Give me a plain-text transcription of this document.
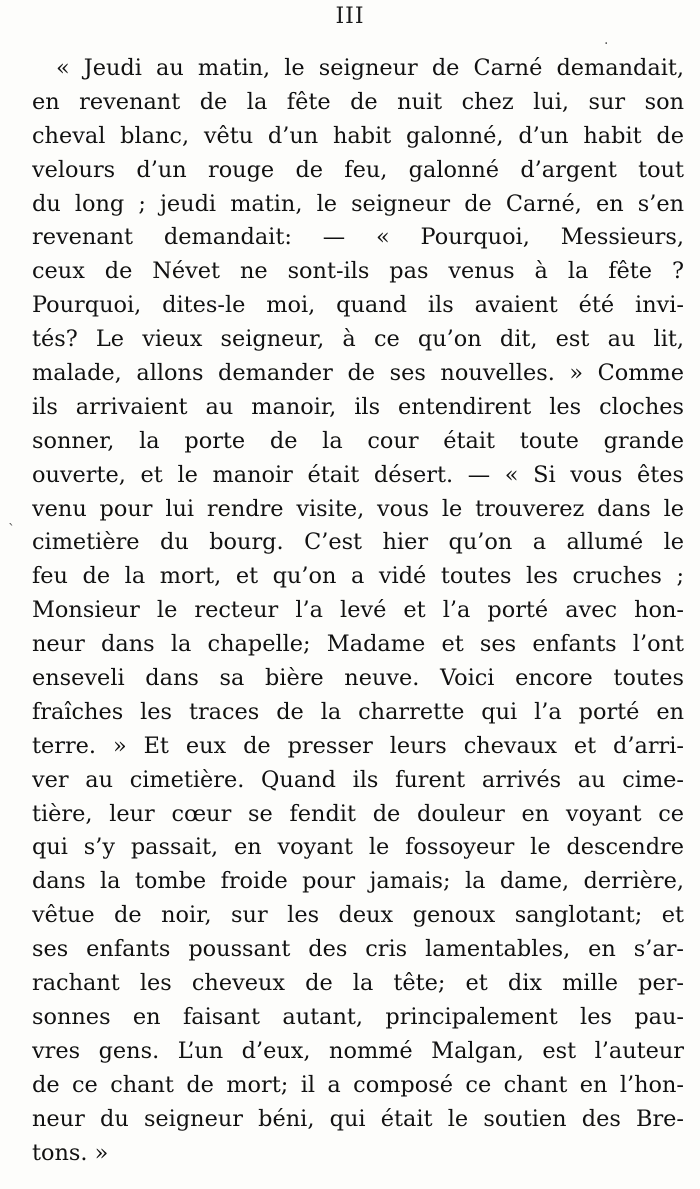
III
·
ˎ
« Jeudi au matin, le seigneur de Carné demandait,
en revenant de la fête de nuit chez lui, sur son
cheval blanc, vêtu d’un habit galonné, d’un habit de
velours d’un rouge de feu, galonné d’argent tout
du long ; jeudi matin, le seigneur de Carné, en s’en
revenant demandait: — « Pourquoi, Messieurs,
ceux de Névet ne sont-ils pas venus à la fête ?
Pourquoi, dites-le moi, quand ils avaient été invi-
tés? Le vieux seigneur, à ce qu’on dit, est au lit,
malade, allons demander de ses nouvelles. » Comme
ils arrivaient au manoir, ils entendirent les cloches
sonner, la porte de la cour était toute grande
ouverte, et le manoir était désert. — « Si vous êtes
venu pour lui rendre visite, vous le trouverez dans le
cimetière du bourg. C’est hier qu’on a allumé le
feu de la mort, et qu’on a vidé toutes les cruches ;
Monsieur le recteur l’a levé et l’a porté avec hon-
neur dans la chapelle; Madame et ses enfants l’ont
enseveli dans sa bière neuve. Voici encore toutes
fraîches les traces de la charrette qui l’a porté en
terre. » Et eux de presser leurs chevaux et d’arri-
ver au cimetière. Quand ils furent arrivés au cime-
tière, leur cœur se fendit de douleur en voyant ce
qui s’y passait, en voyant le fossoyeur le descendre
dans la tombe froide pour jamais; la dame, derrière,
vêtue de noir, sur les deux genoux sanglotant; et
ses enfants poussant des cris lamentables, en s’ar-
rachant les cheveux de la tête; et dix mille per-
sonnes en faisant autant, principalement les pau-
vres gens. L’un d’eux, nommé Malgan, est l’auteur
de ce chant de mort; il a composé ce chant en l’hon-
neur du seigneur béni, qui était le soutien des Bre-
tons. »
